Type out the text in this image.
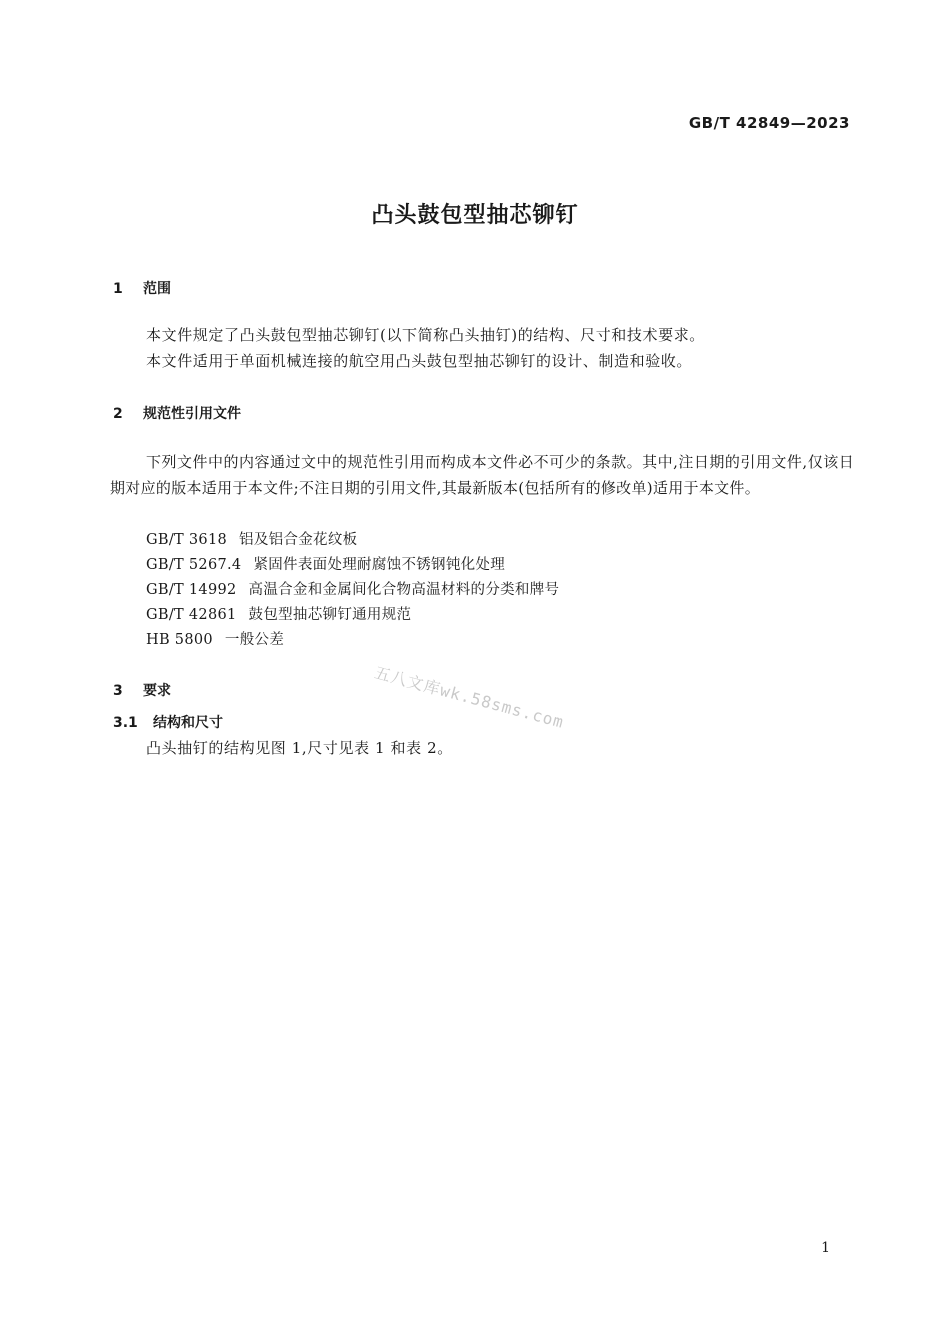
GB/T 42849—2023
凸头鼓包型抽芯铆钉
1 范围
本文件规定了凸头鼓包型抽芯铆钉(以下简称凸头抽钉)的结构、尺寸和技术要求。
本文件适用于单面机械连接的航空用凸头鼓包型抽芯铆钉的设计、制造和验收。
2 规范性引用文件
下列文件中的内容通过文中的规范性引用而构成本文件必不可少的条款。其中,注日期的引用文件,仅该日期对应的版本适用于本文件;不注日期的引用文件,其最新版本(包括所有的修改单)适用于本文件。
GB/T 3618 铝及铝合金花纹板
GB/T 5267.4 紧固件表面处理耐腐蚀不锈钢钝化处理
GB/T 14992 高温合金和金属间化合物高温材料的分类和牌号
GB/T 42861 鼓包型抽芯铆钉通用规范
HB 5800 一般公差
3 要求
3.1 结构和尺寸
凸头抽钉的结构见图 1,尺寸见表 1 和表 2。
五八文库wk.58sms.com
1
